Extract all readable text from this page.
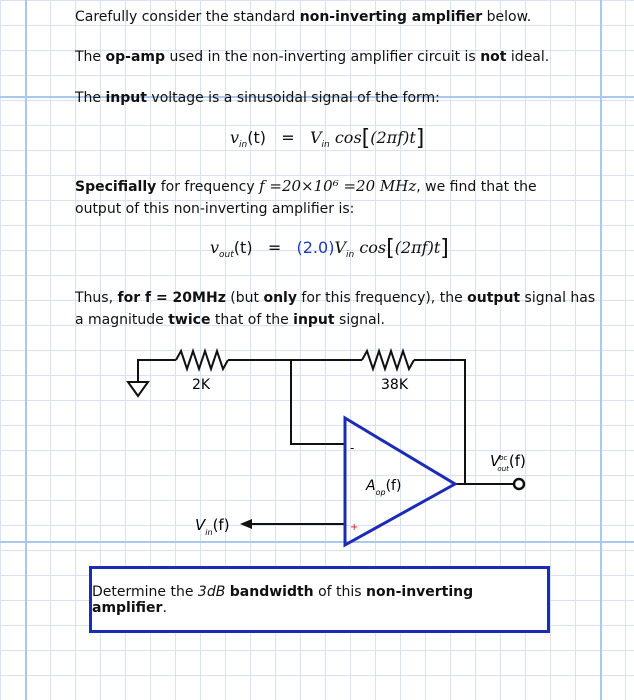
Carefully consider the standard non-inverting amplifier below.

The op-amp used in the non-inverting amplifier circuit is not ideal.

The input voltage is a sinusoidal signal of the form:

$v_{in}(t) = V_{in}$ cos[(2πf)t]

Specifially for frequency f =20×10⁶ =20 MHz, we find that the
output of this non-inverting amplifier is:

$v_{out}(t) = (2.0)V_{in}$ cos[(2πf)t]

Thus, for f = 20MHz (but only for this frequency), the output signal has
a magnitude twice that of the input signal.

2K	38K
-
+
$A_{op}(f)$
$V_{in}(f)$
Voc out(f)
Determine the 3dB bandwidth of this non-inverting amplifier.
